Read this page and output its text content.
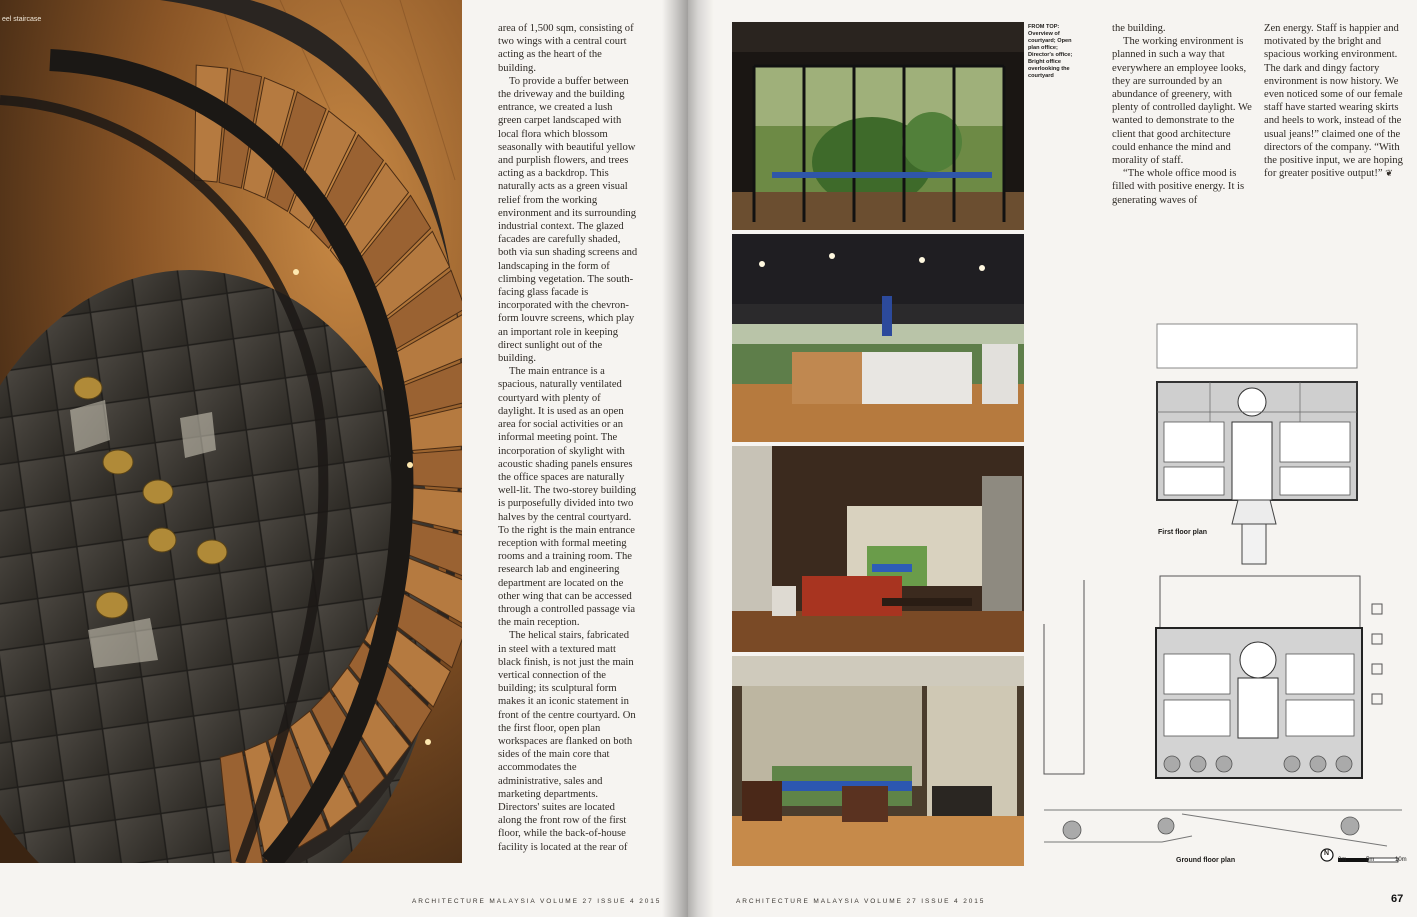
eel staircase

area of 1,500 sqm, consisting of two wings with a central court acting as the heart of the building.

To provide a buffer between the driveway and the building entrance, we created a lush green carpet landscaped with local flora which blossom seasonally with beautiful yellow and purplish flowers, and trees acting as a backdrop. This naturally acts as a green visual relief from the working environment and its surrounding industrial context. The glazed facades are carefully shaded, both via sun shading screens and landscaping in the form of climbing vegetation. The south-facing glass facade is incorporated with the chevron-form louvre screens, which play an important role in keeping direct sunlight out of the building.

The main entrance is a spacious, naturally ventilated courtyard with plenty of daylight. It is used as an open area for social activities or an informal meeting point. The incorporation of skylight with acoustic shading panels ensures the office spaces are naturally well-lit. The two-storey building is purposefully divided into two halves by the central courtyard. To the right is the main entrance reception with formal meeting rooms and a training room. The research lab and engineering department are located on the other wing that can be accessed through a controlled passage via the main reception.

The helical stairs, fabricated in steel with a textured matt black finish, is not just the main vertical connection of the building; its sculptural form makes it an iconic statement in front of the centre courtyard. On the first floor, open plan workspaces are flanked on both sides of the main core that accommodates the administrative, sales and marketing departments. Directors' suites are located along the front row of the first floor, while the back-of-house facility is located at the rear of

ARCHITECTURE MALAYSIA VOLUME 27 ISSUE 4 2015
FROM TOP: Overview of courtyard; Open plan office; Director's office; Bright office overlooking the courtyard

the building.

The working environment is planned in such a way that everywhere an employee looks, they are surrounded by an abundance of greenery, with plenty of controlled daylight. We wanted to demonstrate to the client that good architecture could enhance the mind and morality of staff.

“The whole office mood is filled with positive energy. It is generating waves of

Zen energy. Staff is happier and motivated by the bright and spacious working environment. The dark and dingy factory environment is now history. We even noticed some of our female staff have started wearing skirts and heels to work, instead of the usual jeans!” claimed one of the directors of the company. “With the positive input, we are hoping for greater positive output!” ❦

First floor plan
Ground floor plan
N
0m	5m	10m
ARCHITECTURE MALAYSIA VOLUME 27 ISSUE 4 2015	67
